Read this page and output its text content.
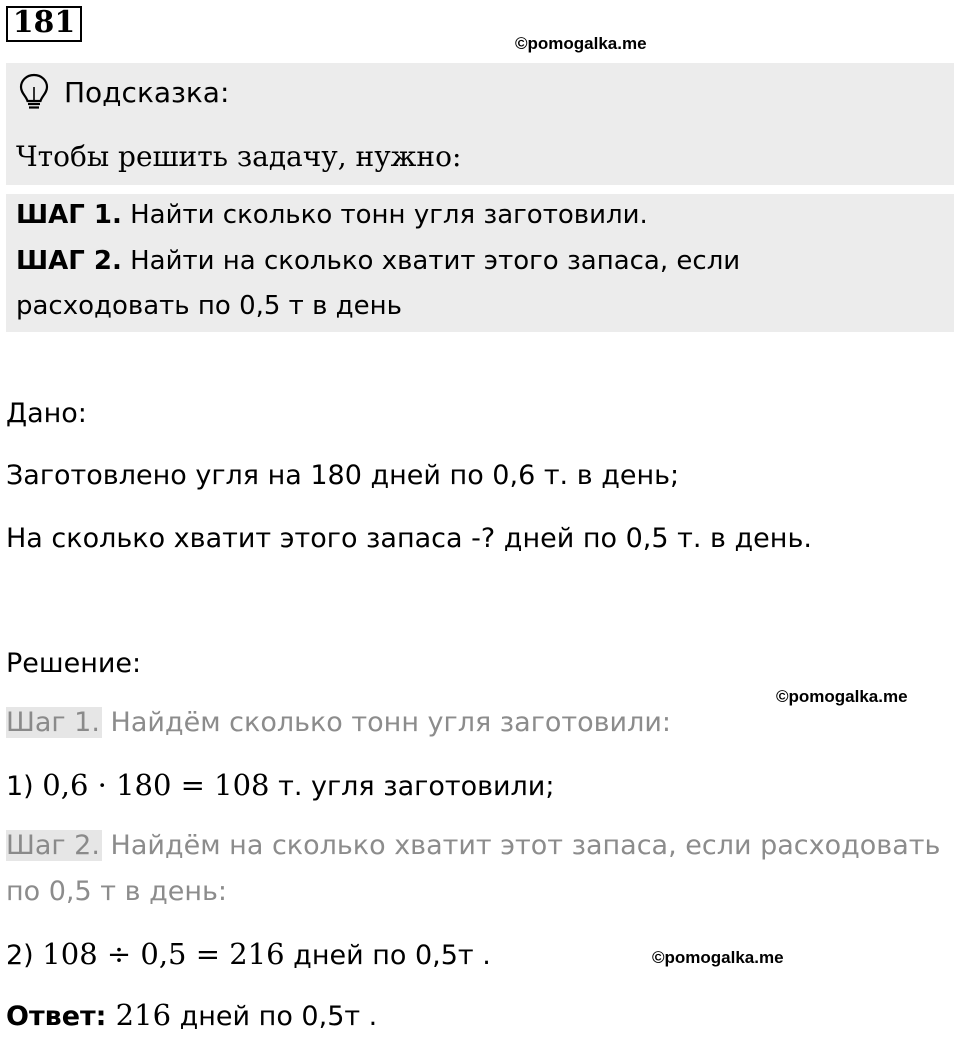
181
©pomogalka.me
Подсказка:
Чтобы решить задачу, нужно:
ШАГ 1. Найти сколько тонн угля заготовили.
ШАГ 2. Найти на сколько хватит этого запаса, если
расходовать по 0,5 т в день
Дано:
Заготовлено угля на 180 дней по 0,6 т. в день;
На сколько хватит этого запаса -? дней по 0,5 т. в день.
Решение:
©pomogalka.me
Шаг 1. Найдём сколько тонн угля заготовили:
1) 0,6 · 180 = 108 т. угля заготовили;
Шаг 2. Найдём на сколько хватит этот запаса, если расходовать
по 0,5 т в день:
2) 108 ÷ 0,5 = 216 дней по 0,5т .	©pomogalka.me
Ответ: 216 дней по 0,5т .
